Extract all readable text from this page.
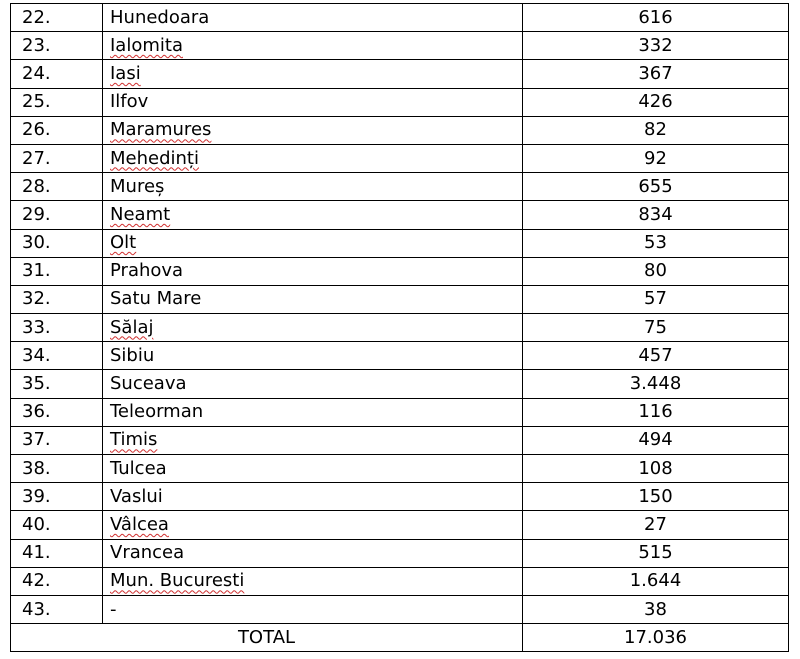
22.	Hunedoara	616
23.	Ialomita	332
24.	Iasi	367
25.	Ilfov	426
26.	Maramures	82
27.	Mehedinți	92
28.	Mureș	655
29.	Neamt	834
30.	Olt	53
31.	Prahova	80
32.	Satu Mare	57
33.	Sălaj	75
34.	Sibiu	457
35.	Suceava	3.448
36.	Teleorman	116
37.	Timis	494
38.	Tulcea	108
39.	Vaslui	150
40.	Vâlcea	27
41.	Vrancea	515
42.	Mun. Bucuresti	1.644
43.	-	38
TOTAL		17.036
